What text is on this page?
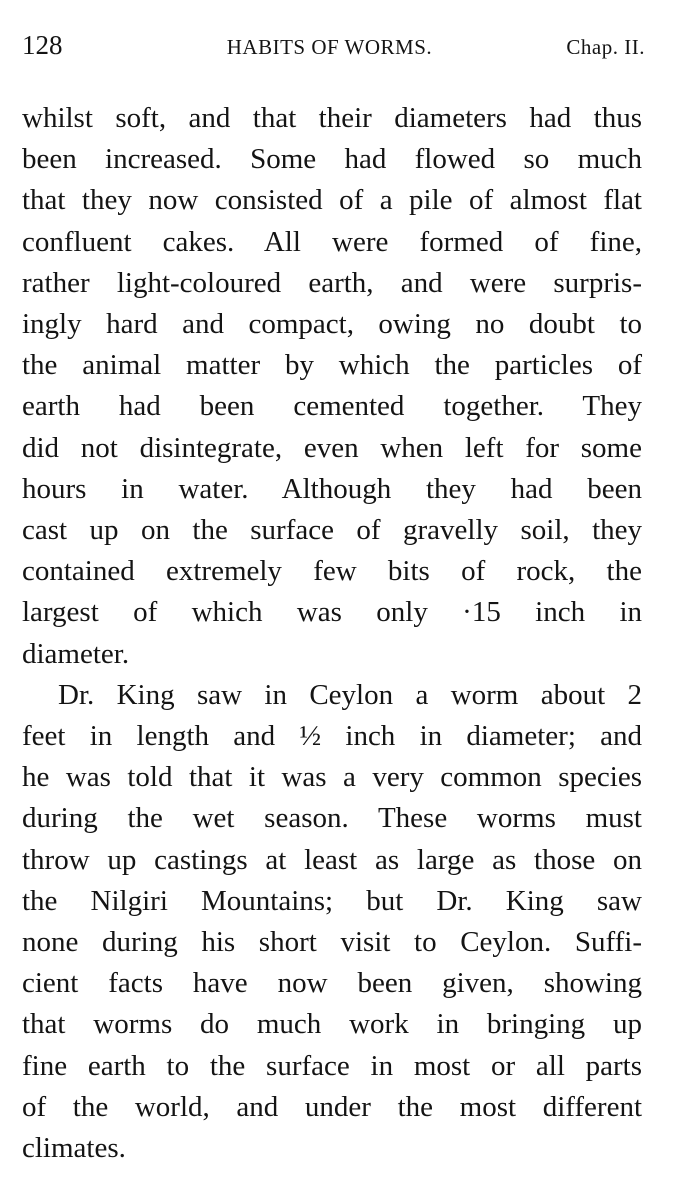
128	HABITS OF WORMS.	Chap. II.

whilst soft, and that their diameters had thus
been increased. Some had flowed so much
that they now consisted of a pile of almost flat
confluent cakes. All were formed of fine,
rather light-coloured earth, and were surpris-
ingly hard and compact, owing no doubt to
the animal matter by which the particles of
earth had been cemented together. They
did not disintegrate, even when left for some
hours in water. Although they had been
cast up on the surface of gravelly soil, they
contained extremely few bits of rock, the
largest of which was only ·15 inch in
diameter.

Dr. King saw in Ceylon a worm about 2
feet in length and ½ inch in diameter; and
he was told that it was a very common species
during the wet season. These worms must
throw up castings at least as large as those on
the Nilgiri Mountains; but Dr. King saw
none during his short visit to Ceylon. Suffi-
cient facts have now been given, showing
that worms do much work in bringing up
fine earth to the surface in most or all parts
of the world, and under the most different
climates.
